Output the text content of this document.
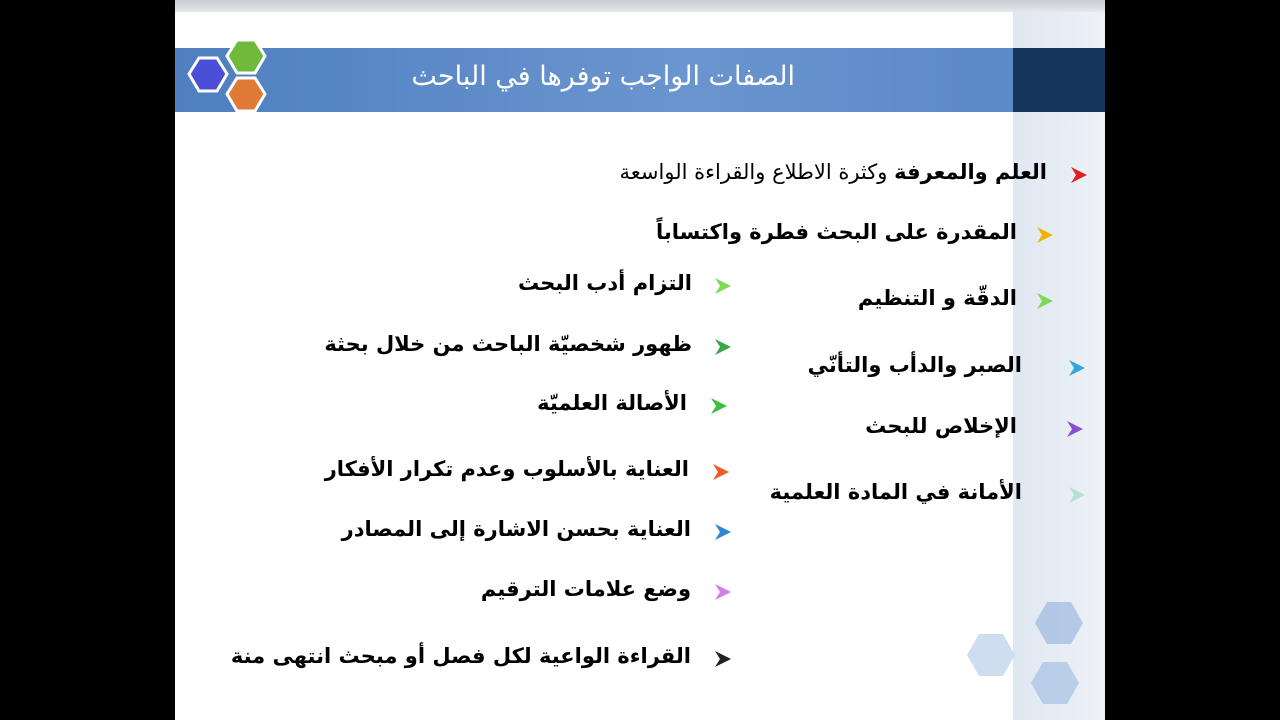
الصفات الواجب توفرها في الباحث
العلم والمعرفة وكثرة الاطلاع والقراءة الواسعة
المقدرة على البحث فطرة واكتساباً
الدقّة و التنظيم
الصبر والدأب والتأنّي
الإخلاص للبحث
الأمانة في المادة العلمية
التزام أدب البحث
ظهور شخصيّة الباحث من خلال بحثة
الأصالة العلميّة
العناية بالأسلوب وعدم تكرار الأفكار
العناية بحسن الاشارة إلى المصادر
وضع علامات الترقيم
القراءة الواعية لكل فصل أو مبحث انتهى منة
